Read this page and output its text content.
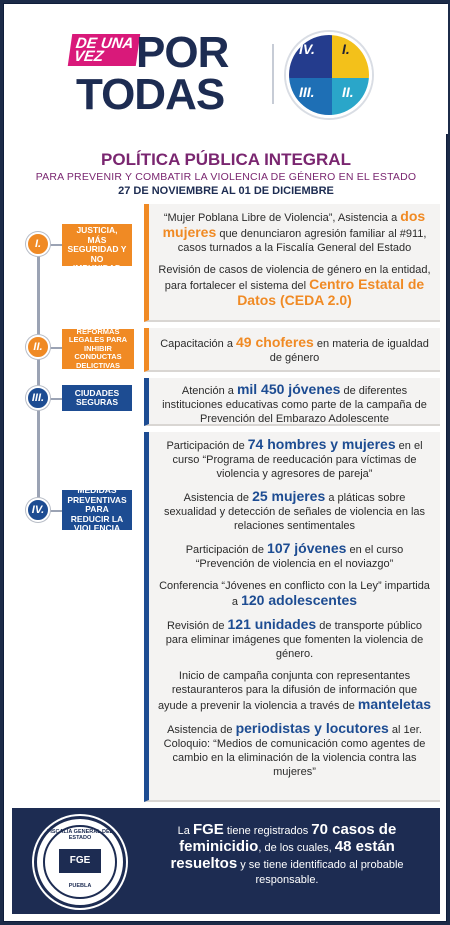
DE UNA
VEZ POR
TODAS
IV.	I.
III.	II.
POLÍTICA PÚBLICA INTEGRAL
PARA PREVENIR Y COMBATIR LA VIOLENCIA DE GÉNERO EN EL ESTADO
27 DE NOVIEMBRE AL 01 DE DICIEMBRE
I.
ACCESO A LA JUSTICIA, MÁS SEGURIDAD Y NO IMPUNIDAD
“Mujer Poblana Libre de Violencia”, Asistencia a dos mujeres que denunciaron agresión familiar al #911, casos turnados a la Fiscalía General del Estado
Revisión de casos de violencia de género en la entidad, para fortalecer el sistema del Centro Estatal de Datos (CEDA 2.0)
II.
REFORMAS LEGALES PARA INHIBIR CONDUCTAS DELICTIVAS
Capacitación a 49 choferes en materia de igualdad de género
III.	CIUDADES SEGURAS
Atención a mil 450 jóvenes de diferentes instituciones educativas como parte de la campaña de Prevención del Embarazo Adolescente
IV.
MEDIDAS PREVENTIVAS PARA REDUCIR LA VIOLENCIA
Participación de 74 hombres y mujeres en el curso “Programa de reeducación para víctimas de violencia y agresores de pareja”
Asistencia de 25 mujeres a pláticas sobre sexualidad y detección de señales de violencia en las relaciones sentimentales
Participación de 107 jóvenes en el curso “Prevención de violencia en el noviazgo”
Conferencia “Jóvenes en conflicto con la Ley” impartida a 120 adolescentes
Revisión de 121 unidades de transporte público para eliminar imágenes que fomenten la violencia de género.
Inicio de campaña conjunta con representantes restauranteros para la difusión de información que ayude a prevenir la violencia a través de manteletas
Asistencia de periodistas y locutores al 1er. Coloquio: “Medios de comunicación como agentes de cambio en la eliminación de la violencia contra las mujeres”
FISCALÍA GENERAL DEL ESTADO
FGE
PUEBLA
La FGE tiene registrados 70 casos de feminicidio, de los cuales, 48 están resueltos y se tiene identificado al probable responsable.
